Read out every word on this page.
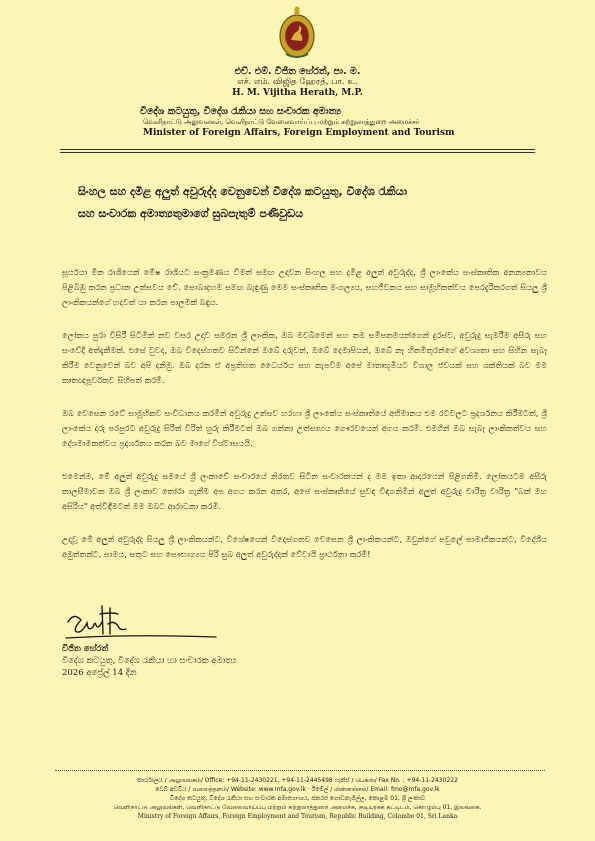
එච්. එම්. විජිත හේරත්, පා. ම.
எச். எம். விஜித ஹேரத், பா. உ.
H. M. Vijitha Herath, M.P.
විදේශ කටයුතු, විදේශ රැකියා සහ සංචාරක අමාත්‍ය
வெளிநாட்டு அலுவலகள், வெளிநாட்டு வேலைவாய்ப்பு மற்றும் சுற்றுலாத்துறை அமைச்சர்
Minister of Foreign Affairs, Foreign Employment and Tourism
සිංහල සහ දමිළ අලුත් අවුරුද්ද වෙනුවෙන් විදේශ කටයුතු, විදේශ රැකියා
සහ සංචාරක අමාත්‍යතුමාගේ සුබපැතුම් පණිවුඩය

සූර්යයා මීන රාශියෙන් මේෂ රාශියට සංක්‍රමණය වීමත් සමඟ උදාවන සිංහල සහ දමිළ අලුත් අවුරුද්ද, ශ්‍රී ලාංකේය සංස්කෘතික අනන්‍යතාවය පිළිබිඹු කරන ප්‍රධාන උත්සවය වේ. සොබාදහම සමඟ බැඳුණු මෙම සංස්කෘතික මංගල්‍යය, සහජීවනය සහ සාමූහිකත්වය පෙරදැරිකරගත් සියලු ශ්‍රී ලාංකිකයන්ගේ හදවත් යා කරන පාලමක් බඳුය.

ලෝකය පුරා විසිරී සිටිමින් නව වසර උදාව සමරන ශ්‍රී ලාංකික, ඔබ මවබිමෙන් සහ තම සමීපතමයන්ගෙන් දුරස්ව, අවුරුදු සැමරීම අසීරු සහ සංවේදී අත්දැකීමක්. එසේ වුවද, ඔබ විදෙස්ගතව සිටින්නේ ඔබේ දරුවන්, ඔබේ දෙමාපියන්, ඔබේ නෑ හිතමිතුරන්ගේ අවශ්‍යතා සහ සිහින සැබෑ කිරීම වෙනුවෙන් බව අපි දනිමු. ඔබ දරන ඒ අප්‍රතිහත ධෛර්යය සහ කැපවීම අපේ මාතෘභූමියට විශාල ජවයක් සහ ශක්තියක් බව මම කෘතඥපූර්වකව සිහිපත් කරමි.

ඔබ වෙසෙන රටේ සාමූහිකව සංවිධානය කරමින් අවුරුදු උත්සව හරහා ශ්‍රී ලාංකේය සංස්කෘතියේ අභිමානය එම රටවලට ප්‍රදර්ශනය කිරීමටත්, ශ්‍රී ලාංකේය දරු පරපුරට අවුරුදු සිරිත් විරිත් හුරු කිරීමටත් ඔබ ගන්නා උත්සාහය ගෞරවයෙන් අගය කරමි. එමගින් ඔබ සැබෑ ලාංකිකත්වය සහ දේශමාමකත්වය ප්‍රදර්ශනය කරන බව මාගේ විශ්වාසයයි.

එමෙන්ම, මේ අලුත් අවුරුදු සමයේ ශ්‍රී ලංකාවේ සංචාරයේ නිරතව සිටින සංචාරකයන් ද මම ඉතා ආදරයෙන් පිළිගනිමි. ලෝකයටම අසීරු කාලසීමාවක ඔබ ශ්‍රී ලංකාව තෝරා ගැනීම අප අගය කරන අතර, අපේ සංස්කෘතියේ සුවඳ විඳගනිමින් අලුත් අවුරුදු චාරිත්‍ර වාරිත්‍ර "බක් මහ අසිරිය" අත්විඳීමටත් මම ඔබට ආරාධනා කරමි.

උදාවූ මේ අලුත් අවුරුද්ද සියලු ශ්‍රී ලාංකිකයන්ට, විශේෂයෙන් විදෙස්ගතව වෙසෙන ශ්‍රී ලාංකිකයන්ට, ඔවුන්ගේ පවුලේ සාමාජිකයන්ට, විදේශීය අමුත්තන්ට, සාමය, සතුට සහ සෞභාග්‍යය පිරි සුබ අලුත් අවුරුද්දක් වේවායි ප්‍රාර්ථනා කරමි!

විජිත හේරත්
විදේශ කටයුතු, විදේශ රැකියා හා සංචාරක අමාත්‍ය
2026 අප්‍රේල් 14 දින
කාර්යාලය / அலுவலகம்/ Office: +94-11-2430221, +94-11-2445498 ෆැක්ස් / பெக்ஸ்/ Fax No. : +94-11-2430222
වෙබ් අඩවිය / வலைத்தளம்/ Website: www.mfa.gov.lk · ඊමේල් / மின்னஞ்சல்/ Email: fmo@mfa.gov.lk
විදේශ කටයුතු, විදේශ රැකියා සහ සංචාරක අමාත්‍යාංශය, ජනරජ ගොඩනැගිල්ල, කොළඹ 01, ශ්‍රී ලංකාව
வெளிநாட்டு அலுவல்கள், வெளிநாட்டு வேலைவாய்ப்பு மற்றும் சுற்றுலாத்துறை அமைச்சு, குடியரசுக் கட்டிடம், கொழும்பு 01, இலங்கை.
Ministry of Foreign Affairs, Foreign Employment and Tourism, Republic Building, Colombo 01, Sri Lanka
